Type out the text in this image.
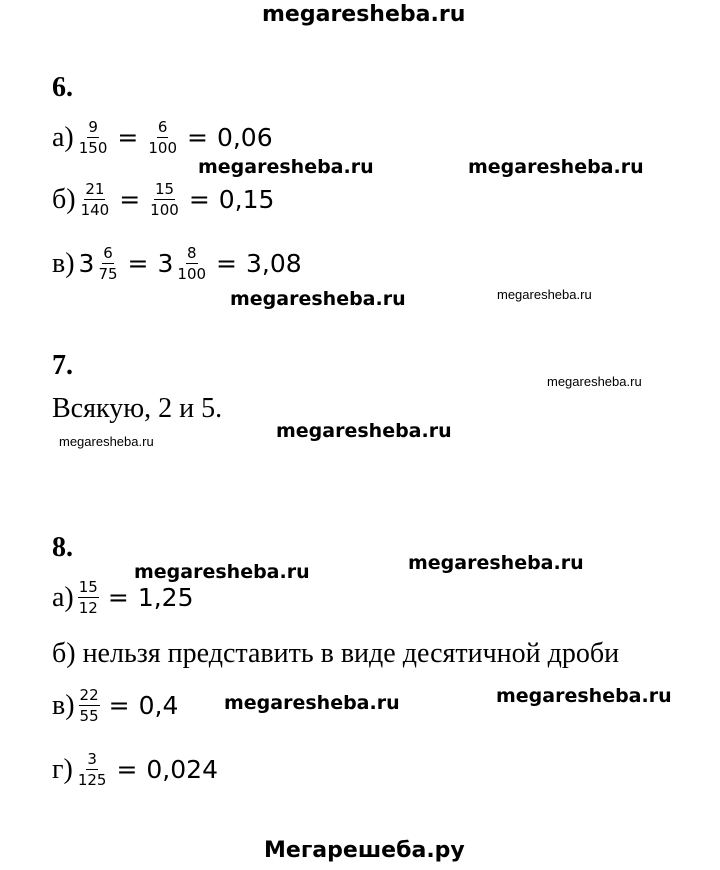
megaresheba.ru
6.
$а) \frac{9}{150} = \frac{6}{100} = 0,06$
$б) \frac{21}{140} = \frac{15}{100} = 0,15$
в) $3 \frac{6}{75} = 3 \frac{8}{100} = 3,08$
7.
Всякую, 2 и 5.
8.
$а) \frac{15}{12} = 1,25$
б) нельзя представить в виде десятичной дроби
$в) \frac{22}{55} = 0,4$
$г) \frac{3}{125} = 0,024$
megaresheba.ru	megaresheba.ru
megaresheba.ru	megaresheba.ru
megaresheba.ru
megaresheba.ru
megaresheba.ru
megaresheba.ru
megaresheba.ru
megaresheba.ru
megaresheba.ru
Мегарешеба.ру
